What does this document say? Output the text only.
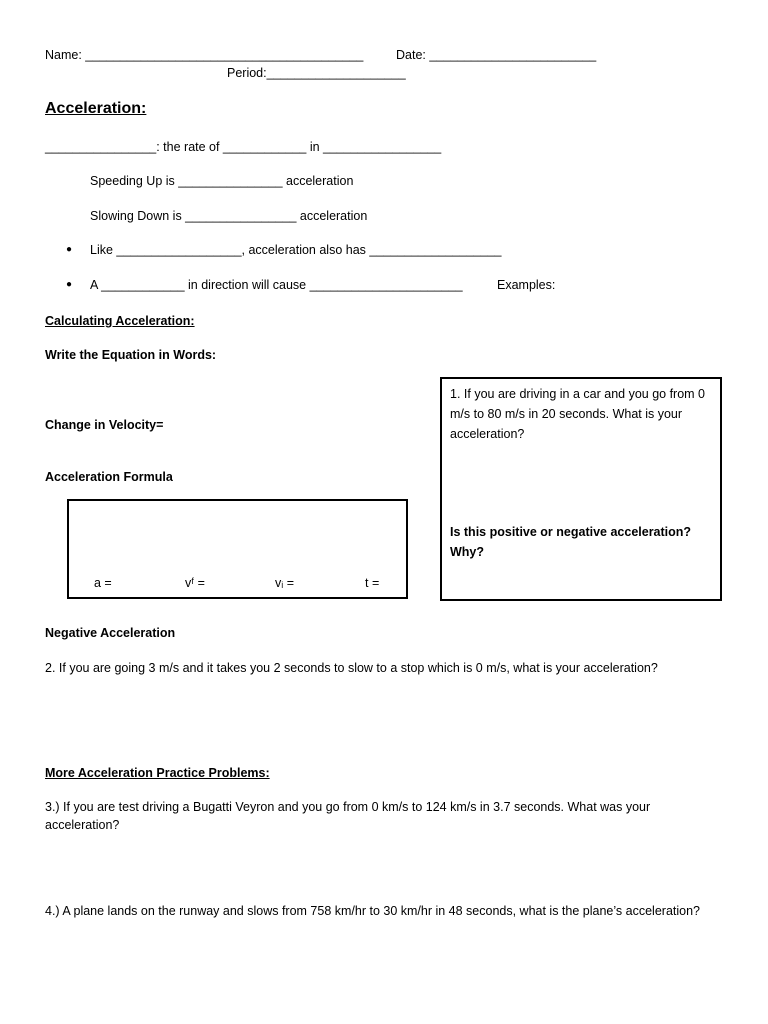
Name: ________________________________________	Date: ________________________
Period:____________________
Acceleration:
________________: the rate of ____________ in _________________
Speeding Up is _______________ acceleration
Slowing Down is ________________ acceleration
● Like __________________, acceleration also has ___________________
● A ____________ in direction will cause ______________________	Examples:
Calculating Acceleration:
Write the Equation in Words:
Change in Velocity=
Acceleration Formula
a =	vᶠ =	vᵢ =	t =
1. If you are driving in a car and you go from 0 m/s to 80 m/s in 20 seconds. What is your acceleration?
Is this positive or negative acceleration? Why?
Negative Acceleration
2. If you are going 3 m/s and it takes you 2 seconds to slow to a stop which is 0 m/s, what is your acceleration?
More Acceleration Practice Problems:
3.) If you are test driving a Bugatti Veyron and you go from 0 km/s to 124 km/s in 3.7 seconds. What was your acceleration?
4.) A plane lands on the runway and slows from 758 km/hr to 30 km/hr in 48 seconds, what is the plane’s acceleration?
